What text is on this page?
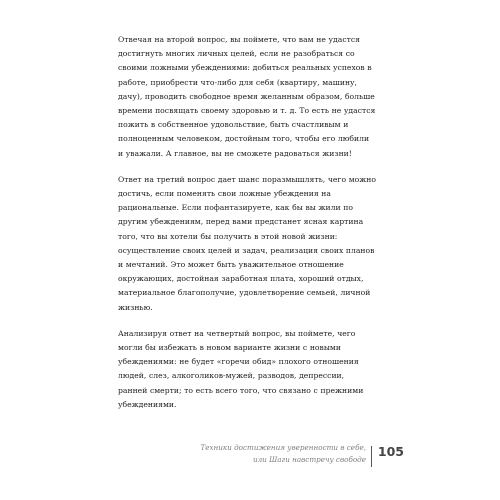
Отвечая на второй вопрос, вы поймете, что вам не удастся достигнуть многих личных целей, если не разобраться со своими ложными убеждениями: добиться реальных успехов в работе, приобрести что-либо для себя (квартиру, машину, дачу), проводить свободное время желанным образом, больше времени посвящать своему здоровью и т. д. То есть не удастся пожить в собственное удовольствие, быть счастливым и полноценным человеком, достойным того, чтобы его любили и уважали. А главное, вы не сможете радоваться жизни!

Ответ на третий вопрос дает шанс поразмышлять, чего можно достичь, если поменять свои ложные убеждения на рациональные. Если пофантазируете, как бы вы жили по другим убеждениям, перед вами предстанет ясная картина того, что вы хотели бы получить в этой новой жизни: осуществление своих целей и задач, реализация своих планов и мечтаний. Это может быть уважительное отношение окружающих, достойная заработная плата, хороший отдых, материальное благополучие, удовлетворение семьей, личной жизнью.

Анализируя ответ на четвертый вопрос, вы поймете, чего могли бы избежать в новом варианте жизни с новыми убеждениями: не будет «горечи обид» плохого отношения людей, слез, алкоголиков-мужей, разводов, депрессии, ранней смерти; то есть всего того, что связано с прежними убеждениями.

Техники достижения уверенности в себе,
или Шаги навстречу свободе 105
